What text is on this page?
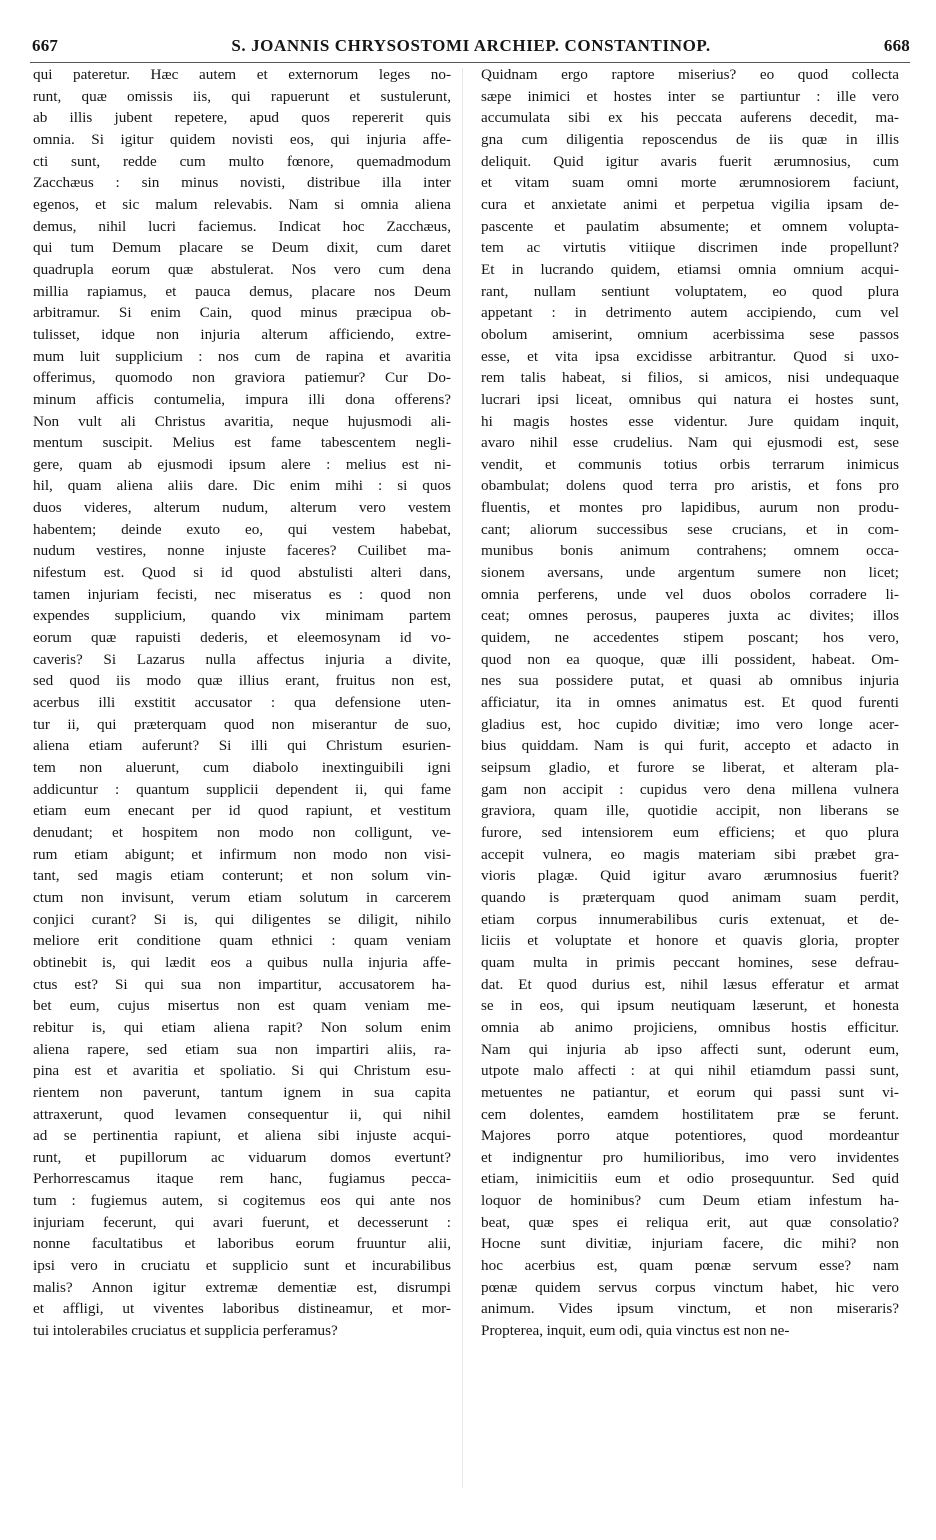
667	S. JOANNIS CHRYSOSTOMI ARCHIEP. CONSTANTINOP.	668
qui pateretur. Hæc autem et externorum leges no-
runt, quæ omissis iis, qui rapuerunt et sustulerunt,
ab illis jubent repetere, apud quos repererit quis
omnia. Si igitur quidem novisti eos, qui injuria affe-
cti sunt, redde cum multo fœnore, quemadmodum
Zacchæus : sin minus novisti, distribue illa inter
egenos, et sic malum relevabis. Nam si omnia aliena
demus, nihil lucri faciemus. Indicat hoc Zacchæus,
qui tum Demum placare se Deum dixit, cum daret
quadrupla eorum quæ abstulerat. Nos vero cum dena
millia rapiamus, et pauca demus, placare nos Deum
arbitramur. Si enim Cain, quod minus præcipua ob-
tulisset, idque non injuria alterum afficiendo, extre-
mum luit supplicium : nos cum de rapina et avaritia
offerimus, quomodo non graviora patiemur? Cur Do-
minum afficis contumelia, impura illi dona offerens?
Non vult ali Christus avaritia, neque hujusmodi ali-
mentum suscipit. Melius est fame tabescentem negli-
gere, quam ab ejusmodi ipsum alere : melius est ni-
hil, quam aliena aliis dare. Dic enim mihi : si quos
duos videres, alterum nudum, alterum vero vestem
habentem; deinde exuto eo, qui vestem habebat,
nudum vestires, nonne injuste faceres? Cuilibet ma-
nifestum est. Quod si id quod abstulisti alteri dans,
tamen injuriam fecisti, nec miseratus es : quod non
expendes supplicium, quando vix minimam partem
eorum quæ rapuisti dederis, et eleemosynam id vo-
caveris? Si Lazarus nulla affectus injuria a divite,
sed quod iis modo quæ illius erant, fruitus non est,
acerbus illi exstitit accusator : qua defensione uten-
tur ii, qui præterquam quod non miserantur de suo,
aliena etiam auferunt? Si illi qui Christum esurien-
tem non aluerunt, cum diabolo inextinguibili igni
addicuntur : quantum supplicii dependent ii, qui fame
etiam eum enecant per id quod rapiunt, et vestitum
denudant; et hospitem non modo non colligunt, ve-
rum etiam abigunt; et infirmum non modo non visi-
tant, sed magis etiam conterunt; et non solum vin-
ctum non invisunt, verum etiam solutum in carcerem
conjici curant? Si is, qui diligentes se diligit, nihilo
meliore erit conditione quam ethnici : quam veniam
obtinebit is, qui lædit eos a quibus nulla injuria affe-
ctus est? Si qui sua non impartitur, accusatorem ha-
bet eum, cujus misertus non est quam veniam me-
rebitur is, qui etiam aliena rapit? Non solum enim
aliena rapere, sed etiam sua non impartiri aliis, ra-
pina est et avaritia et spoliatio. Si qui Christum esu-
rientem non paverunt, tantum ignem in sua capita
attraxerunt, quod levamen consequentur ii, qui nihil
ad se pertinentia rapiunt, et aliena sibi injuste acqui-
runt, et pupillorum ac viduarum domos evertunt?
Perhorrescamus itaque rem hanc, fugiamus pecca-
tum : fugiemus autem, si cogitemus eos qui ante nos
injuriam fecerunt, qui avari fuerunt, et decesserunt :
nonne facultatibus et laboribus eorum fruuntur alii,
ipsi vero in cruciatu et supplicio sunt et incurabilibus
malis? Annon igitur extremæ dementiæ est, disrumpi
et affligi, ut viventes laboribus distineamur, et mor-
tui intolerabiles cruciatus et supplicia perferamus?
Quidnam ergo raptore miserius? eo quod collecta
sæpe inimici et hostes inter se partiuntur : ille vero
accumulata sibi ex his peccata auferens decedit, ma-
gna cum diligentia reposcendus de iis quæ in illis
deliquit. Quid igitur avaris fuerit ærumnosius, cum
et vitam suam omni morte ærumnosiorem faciunt,
cura et anxietate animi et perpetua vigilia ipsam de-
pascente et paulatim absumente; et omnem volupta-
tem ac virtutis vitiique discrimen inde propellunt?
Et in lucrando quidem, etiamsi omnia omnium acqui-
rant, nullam sentiunt voluptatem, eo quod plura
appetant : in detrimento autem accipiendo, cum vel
obolum amiserint, omnium acerbissima sese passos
esse, et vita ipsa excidisse arbitrantur. Quod si uxo-
rem talis habeat, si filios, si amicos, nisi undequaque
lucrari ipsi liceat, omnibus qui natura ei hostes sunt,
hi magis hostes esse videntur. Jure quidam inquit,
avaro nihil esse crudelius. Nam qui ejusmodi est, sese
vendit, et communis totius orbis terrarum inimicus
obambulat; dolens quod terra pro aristis, et fons pro
fluentis, et montes pro lapidibus, aurum non produ-
cant; aliorum successibus sese crucians, et in com-
munibus bonis animum contrahens; omnem occa-
sionem aversans, unde argentum sumere non licet;
omnia perferens, unde vel duos obolos corradere li-
ceat; omnes perosus, pauperes juxta ac divites; illos
quidem, ne accedentes stipem poscant; hos vero,
quod non ea quoque, quæ illi possident, habeat. Om-
nes sua possidere putat, et quasi ab omnibus injuria
afficiatur, ita in omnes animatus est. Et quod furenti
gladius est, hoc cupido divitiæ; imo vero longe acer-
bius quiddam. Nam is qui furit, accepto et adacto in
seipsum gladio, et furore se liberat, et alteram pla-
gam non accipit : cupidus vero dena millena vulnera
graviora, quam ille, quotidie accipit, non liberans se
furore, sed intensiorem eum efficiens; et quo plura
accepit vulnera, eo magis materiam sibi præbet gra-
vioris plagæ. Quid igitur avaro ærumnosius fuerit?
quando is præterquam quod animam suam perdit,
etiam corpus innumerabilibus curis extenuat, et de-
liciis et voluptate et honore et quavis gloria, propter
quam multa in primis peccant homines, sese defrau-
dat. Et quod durius est, nihil læsus efferatur et armat
se in eos, qui ipsum neutiquam læserunt, et honesta
omnia ab animo projiciens, omnibus hostis efficitur.
Nam qui injuria ab ipso affecti sunt, oderunt eum,
utpote malo affecti : at qui nihil etiamdum passi sunt,
metuentes ne patiantur, et eorum qui passi sunt vi-
cem dolentes, eamdem hostilitatem præ se ferunt.
Majores porro atque potentiores, quod mordeantur
et indignentur pro humilioribus, imo vero invidentes
etiam, inimicitiis eum et odio prosequuntur. Sed quid
loquor de hominibus? cum Deum etiam infestum ha-
beat, quæ spes ei reliqua erit, aut quæ consolatio?
Hocne sunt divitiæ, injuriam facere, dic mihi? non
hoc acerbius est, quam pœnæ servum esse? nam
pœnæ quidem servus corpus vinctum habet, hic vero
animum. Vides ipsum vinctum, et non miseraris?
Propterea, inquit, eum odi, quia vinctus est non ne-
